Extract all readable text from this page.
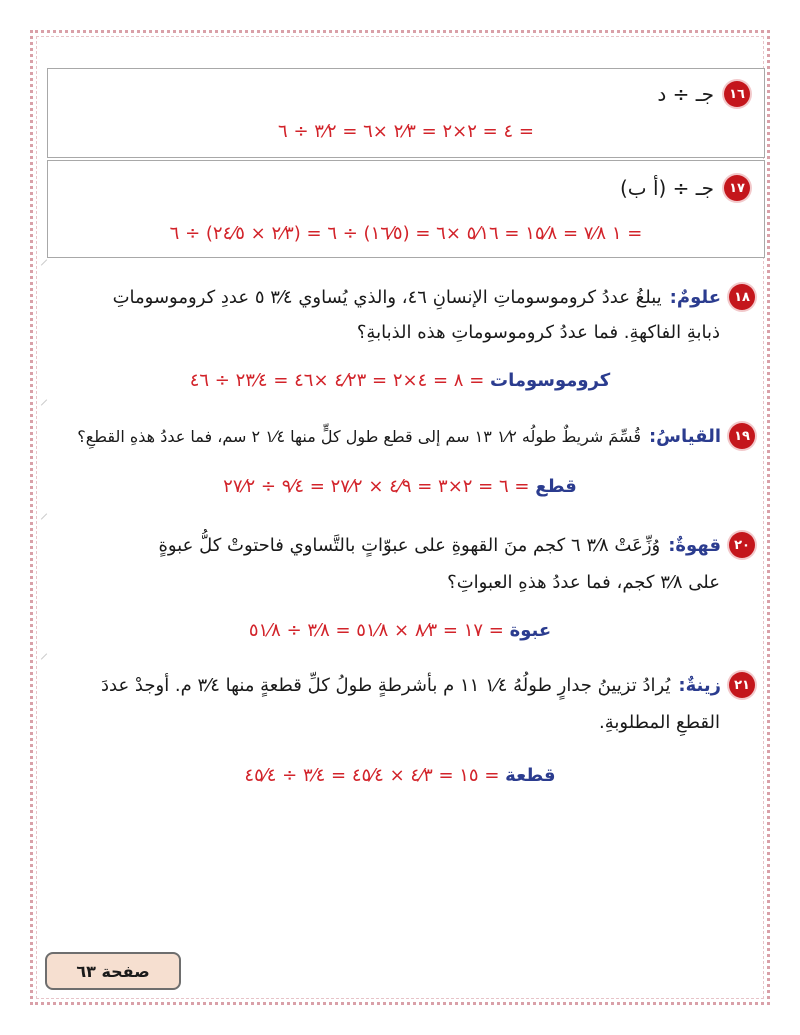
١٦
جـ ÷ د
٤ = ٢×٢ = ٢⁄٣ ×٦ = ٣⁄٢ ÷ ٦ =
١٧
جـ ÷ (أ ب)
١ ٧⁄٨ = ١٥⁄٨ = ٥⁄١٦ ×٦ = (١٦⁄٥) ÷ ٦ = (٢⁄٣ × ٢٤⁄٥) ÷ ٦ =
١٨
علومٌ:
يبلغُ عددُ كروموسوماتِ الإنسانِ ٤٦، والذي يُساوي ٣⁄٤ ٥ عددِ كروموسوماتِ
ذبابةِ الفاكهةِ. فما عددُ كروموسوماتِ هذه الذبابةِ؟
كروموسومات ٨ = ٤×٢ = ٤⁄٢٣ ×٤٦ = ٢٣⁄٤ ÷ ٤٦ =
١٩
القياسُ:
قُسِّمَ شريطٌ طولُه ١⁄٢ ١٣ سم إلى قطع طول كلٍّ منها ١⁄٤ ٢ سم، فما عددُ هذهِ القطعِ؟
قطع ٦ = ٢×٣ = ٤⁄٩ × ٢٧⁄٢ = ٩⁄٤ ÷ ٢٧⁄٢ =
٢٠
قهوةٌ:
وُزِّعَتْ ٣⁄٨ ٦ كجم منَ القهوةِ على عبوّاتٍ بالتَّساوي فاحتوتْ كلُّ عبوةٍ
على ٣⁄٨ كجم، فما عددُ هذهِ العبواتِ؟
عبوة ١٧ = ٨⁄٣ × ٥١⁄٨ = ٣⁄٨ ÷ ٥١⁄٨ =
٢١
زينةٌ:
يُرادُ تزيينُ جدارٍ طولُهُ ١⁄٤ ١١ م بأشرطةٍ طولُ كلِّ قطعةٍ منها ٣⁄٤ م. أوجدْ عددَ
القطعِ المطلوبةِ.
قطعة ١٥ = ٤⁄٣ × ٤٥⁄٤ = ٣⁄٤ ÷ ٤٥⁄٤ =
صفحة ٦٣
